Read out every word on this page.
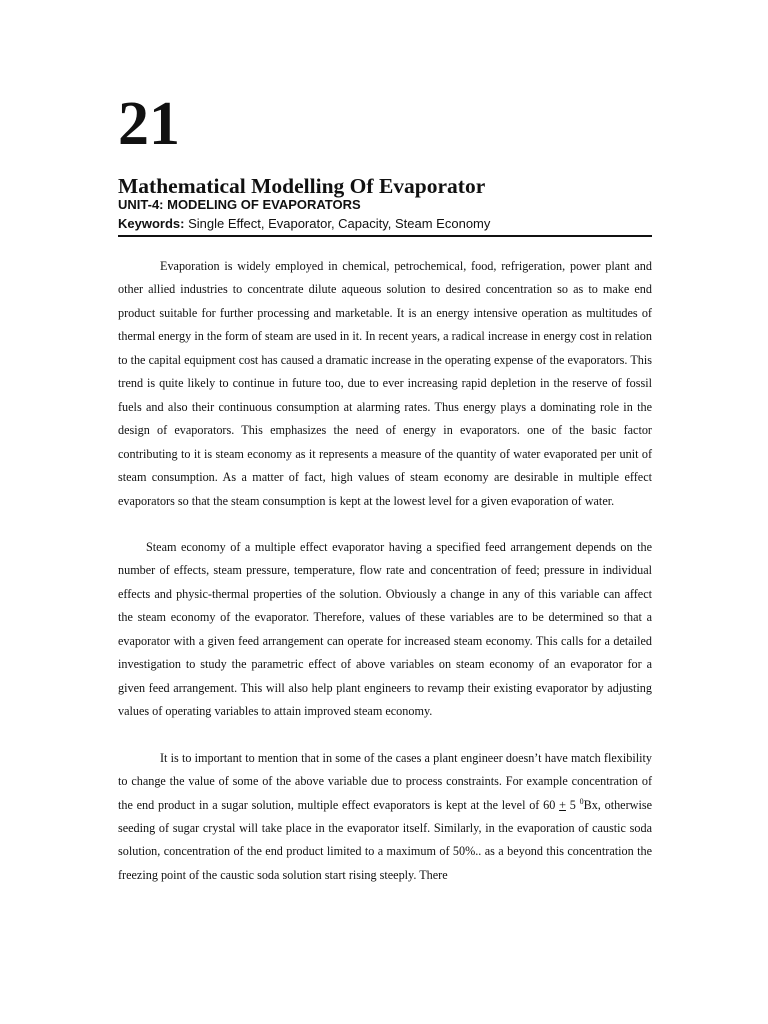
21
Mathematical Modelling Of Evaporator
UNIT-4: MODELING OF EVAPORATORS
Keywords: Single Effect, Evaporator, Capacity, Steam Economy

Evaporation is widely employed in chemical, petrochemical, food, refrigeration, power plant and other allied industries to concentrate dilute aqueous solution to desired concentration so as to make end product suitable for further processing and marketable. It is an energy intensive operation as multitudes of thermal energy in the form of steam are used in it. In recent years, a radical increase in energy cost in relation to the capital equipment cost has caused a dramatic increase in the operating expense of the evaporators. This trend is quite likely to continue in future too, due to ever increasing rapid depletion in the reserve of fossil fuels and also their continuous consumption at alarming rates. Thus energy plays a dominating role in the design of evaporators. This emphasizes the need of energy in evaporators. one of the basic factor contributing to it is steam economy as it represents a measure of the quantity of water evaporated per unit of steam consumption. As a matter of fact, high values of steam economy are desirable in multiple effect evaporators so that the steam consumption is kept at the lowest level for a given evaporation of water.

Steam economy of a multiple effect evaporator having a specified feed arrangement depends on the number of effects, steam pressure, temperature, flow rate and concentration of feed; pressure in individual effects and physic-thermal properties of the solution. Obviously a change in any of this variable can affect the steam economy of the evaporator. Therefore, values of these variables are to be determined so that a evaporator with a given feed arrangement can operate for increased steam economy. This calls for a detailed investigation to study the parametric effect of above variables on steam economy of an evaporator for a given feed arrangement. This will also help plant engineers to revamp their existing evaporator by adjusting values of operating variables to attain improved steam economy.

It is to important to mention that in some of the cases a plant engineer doesn’t have match flexibility to change the value of some of the above variable due to process constraints. For example concentration of the end product in a sugar solution, multiple effect evaporators is kept at the level of 60 + 5 $^0$Bx, otherwise seeding of sugar crystal will take place in the evaporator itself. Similarly, in the evaporation of caustic soda solution, concentration of the end product limited to a maximum of 50%.. as a beyond this concentration the freezing point of the caustic soda solution start rising steeply. There
